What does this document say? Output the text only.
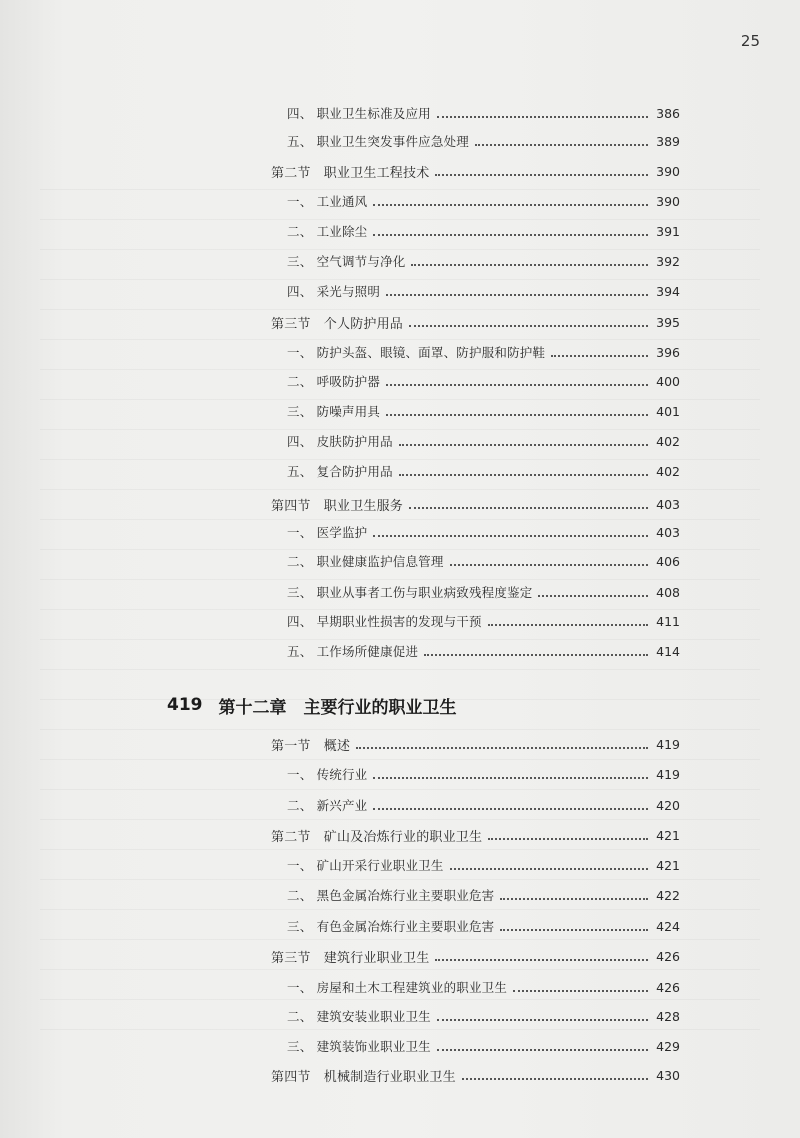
25
四、 职业卫生标准及应用	386
五、 职业卫生突发事件应急处理	389
第二节　职业卫生工程技术	390
一、 工业通风	390
二、 工业除尘	391
三、 空气调节与净化	392
四、 采光与照明	394
第三节　个人防护用品	395
一、 防护头盔、眼镜、面罩、防护服和防护鞋	396
二、 呼吸防护器	400
三、 防噪声用具	401
四、 皮肤防护用品	402
五、 复合防护用品	402
第四节　职业卫生服务	403
一、 医学监护	403
二、 职业健康监护信息管理	406
三、 职业从事者工伤与职业病致残程度鉴定	408
四、 早期职业性损害的发现与干预	411
五、 工作场所健康促进	414
第一节　概述	419
一、 传统行业	419
二、 新兴产业	420
第二节　矿山及冶炼行业的职业卫生	421
一、 矿山开采行业职业卫生	421
二、 黑色金属冶炼行业主要职业危害	422
三、 有色金属冶炼行业主要职业危害	424
第三节　建筑行业职业卫生	426
一、 房屋和土木工程建筑业的职业卫生	426
二、 建筑安装业职业卫生	428
三、 建筑装饰业职业卫生	429
第四节　机械制造行业职业卫生	430
419 第十二章　主要行业的职业卫生
